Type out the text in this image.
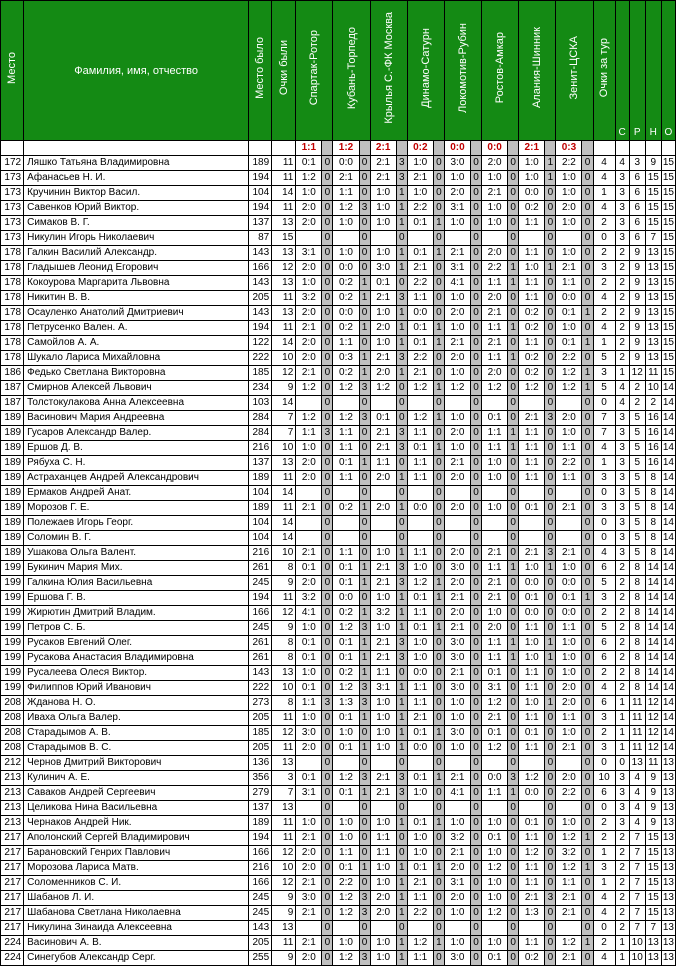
Место	Фамилия, имя, отчество	Место было	Очки были	Спартак-Ротор		Кубань-Торпедо		Крылья С.-ФК Москва		Динамо-Сатурн		Локомотив-Рубин		Ростов-Амкар		Алания-Шинник		Зенит-ЦСКА		Очки за тур	С	Р	Н	О
				1:1		1:2		2:1		0:2		0:0		0:0		2:1		0:3						
172	Ляшко Татьяна Владимировна	189	11	0:1	0	0:0	0	2:1	3	1:0	0	3:0	0	2:0	0	1:0	1	2:2	0	4	4	3	9	15
173	Афанасьев Н. И.	194	11	1:2	0	2:1	0	2:1	3	2:1	0	1:0	0	1:0	0	1:0	1	1:0	0	4	3	6	15	15
173	Кручинин Виктор Васил.	104	14	1:0	0	1:1	0	1:0	1	1:0	0	2:0	0	2:1	0	0:0	0	1:0	0	1	3	6	15	15
173	Савенков Юрий Виктор.	194	11	2:0	0	1:2	3	1:0	1	2:2	0	3:1	0	1:0	0	0:2	0	2:0	0	4	3	6	15	15
173	Симаков В. Г.	137	13	2:0	0	1:0	0	1:0	1	0:1	1	1:0	0	1:0	0	1:1	0	1:0	0	2	3	6	15	15
173	Никулин Игорь Николаевич	87	15		0		0		0		0		0		0		0		0	0	3	6	7	15
178	Галкин Василий Александр.	143	13	3:1	0	1:0	0	1:0	1	0:1	1	2:1	0	2:0	0	1:1	0	1:0	0	2	2	9	13	15
178	Гладышев Леонид Егорович	166	12	2:0	0	0:0	0	3:0	1	2:1	0	3:1	0	2:2	1	1:0	1	2:1	0	3	2	9	13	15
178	Кокоурова Маргарита Львовна	143	13	1:0	0	0:2	1	0:1	0	2:2	0	4:1	0	1:1	1	1:1	0	1:1	0	2	2	9	13	15
178	Никитин В. В.	205	11	3:2	0	0:2	1	2:1	3	1:1	0	1:0	0	2:0	0	1:1	0	0:0	0	4	2	9	13	15
178	Осауленко Анатолий Дмитриевич	143	13	2:0	0	0:0	0	1:0	1	0:0	0	2:0	0	2:1	0	0:2	0	0:1	1	2	2	9	13	15
178	Петрусенко Вален. А.	194	11	2:1	0	0:2	1	2:0	1	0:1	1	1:0	0	1:1	1	0:2	0	1:0	0	4	2	9	13	15
178	Самойлов А. А.	122	14	2:0	0	1:1	0	1:0	1	0:1	1	2:1	0	2:1	0	1:1	0	0:1	1	1	2	9	13	15
178	Шукало Лариса Михайловна	222	10	2:0	0	0:3	1	2:1	3	2:2	0	2:0	0	1:1	1	0:2	0	2:2	0	5	2	9	13	15
186	Федько Светлана Викторовна	185	12	2:1	0	0:2	1	2:0	1	2:1	0	1:0	0	2:0	0	0:2	0	1:2	1	3	1	12	11	15
187	Смирнов Алексей Львович	234	9	1:2	0	1:2	3	1:2	0	1:2	1	1:2	0	1:2	0	1:2	0	1:2	1	5	4	2	10	14
187	Толстокулакова Анна Алексеевна	103	14		0		0		0		0		0		0		0		0	0	4	2	2	14
189	Васинович Мария Андреевна	284	7	1:2	0	1:2	3	0:1	0	1:2	1	1:0	0	0:1	0	2:1	3	2:0	0	7	3	5	16	14
189	Гусаров Александр Валер.	284	7	1:1	3	1:1	0	2:1	3	1:1	0	2:0	0	1:1	1	1:1	0	1:0	0	7	3	5	16	14
189	Ершов Д. В.	216	10	1:0	0	1:1	0	2:1	3	0:1	1	1:0	0	1:1	1	1:1	0	1:1	0	4	3	5	16	14
189	Рябуха С. Н.	137	13	2:0	0	0:1	1	1:1	0	1:1	0	2:1	0	1:0	0	1:1	0	2:2	0	1	3	5	16	14
189	Астраханцев Андрей Александрович	189	11	2:0	0	1:1	0	2:0	1	1:1	0	2:0	0	1:0	0	1:1	0	1:1	0	3	3	5	8	14
189	Ермаков Андрей Анат.	104	14		0		0		0		0		0		0		0		0	0	3	5	8	14
189	Морозов Г. Е.	189	11	2:1	0	0:2	1	2:0	1	0:0	0	2:0	0	1:0	0	0:1	0	2:1	0	3	3	5	8	14
189	Полежаев Игорь Георг.	104	14		0		0		0		0		0		0		0		0	0	3	5	8	14
189	Соломин В. Г.	104	14		0		0		0		0		0		0		0		0	0	3	5	8	14
189	Ушакова Ольга Валент.	216	10	2:1	0	1:1	0	1:0	1	1:1	0	2:0	0	2:1	0	2:1	3	2:1	0	4	3	5	8	14
199	Букинич Мария Мих.	261	8	0:1	0	0:1	1	2:1	3	1:0	0	3:0	0	1:1	1	1:0	1	1:0	0	6	2	8	14	14
199	Галкина Юлия Васильевна	245	9	2:0	0	0:1	1	2:1	3	1:2	1	2:0	0	2:1	0	0:0	0	0:0	0	5	2	8	14	14
199	Ершова Г. В.	194	11	3:2	0	0:0	0	1:0	1	0:1	1	2:1	0	2:1	0	0:1	0	0:1	1	3	2	8	14	14
199	Жирютин Дмитрий Владим.	166	12	4:1	0	0:2	1	3:2	1	1:1	0	2:0	0	1:0	0	0:0	0	0:0	0	2	2	8	14	14
199	Петров С. Б.	245	9	1:0	0	1:2	3	1:0	1	0:1	1	2:1	0	2:0	0	1:1	0	1:1	0	5	2	8	14	14
199	Русаков Евгений Олег.	261	8	0:1	0	0:1	1	2:1	3	1:0	0	3:0	0	1:1	1	1:0	1	1:0	0	6	2	8	14	14
199	Русакова Анастасия Владимировна	261	8	0:1	0	0:1	1	2:1	3	1:0	0	3:0	0	1:1	1	1:0	1	1:0	0	6	2	8	14	14
199	Русалеева Олеся Виктор.	143	13	1:0	0	0:2	1	1:1	0	0:0	0	2:1	0	0:1	0	1:1	0	1:0	0	2	2	8	14	14
199	Филиппов Юрий Иванович	222	10	0:1	0	1:2	3	3:1	1	1:1	0	3:0	0	3:1	0	1:1	0	2:0	0	4	2	8	14	14
208	Жданова Н. О.	273	8	1:1	3	1:3	3	1:0	1	1:1	0	1:0	0	1:2	0	1:0	1	2:0	0	6	1	11	12	14
208	Иваха Ольга Валер.	205	11	1:0	0	0:1	1	1:0	1	2:1	0	1:0	0	2:1	0	1:1	0	1:1	0	3	1	11	12	14
208	Старадымов А. В.	185	12	3:0	0	1:0	0	1:0	1	0:1	1	3:0	0	0:1	0	0:1	0	1:0	0	2	1	11	12	14
208	Старадымов В. С.	205	11	2:0	0	0:1	1	1:0	1	0:0	0	1:0	0	1:2	0	1:1	0	2:1	0	3	1	11	12	14
212	Чернов Дмитрий Викторович	136	13		0		0		0		0		0		0		0		0	0	0	13	11	13
213	Кулинич А. Е.	356	3	0:1	0	1:2	3	2:1	3	0:1	1	2:1	0	0:0	3	1:2	0	2:0	0	10	3	4	9	13
213	Саваков Андрей Сергеевич	279	7	3:1	0	0:1	1	2:1	3	1:0	0	4:1	0	1:1	1	0:0	0	2:2	0	6	3	4	9	13
213	Целикова Нина Васильевна	137	13		0		0		0		0		0		0		0		0	0	3	4	9	13
213	Чернаков Андрей Ник.	189	11	1:0	0	1:0	0	1:0	1	0:1	1	1:0	0	1:0	0	0:1	0	1:0	0	2	3	4	9	13
217	Аполонский Сергей Владимирович	194	11	2:1	0	1:0	0	1:1	0	1:0	0	3:2	0	0:1	0	1:1	0	1:2	1	2	2	7	15	13
217	Барановский Генрих Павлович	166	12	2:0	0	1:1	0	1:1	0	1:0	0	2:1	0	1:0	0	1:2	0	3:2	0	1	2	7	15	13
217	Морозова Лариса Матв.	216	10	2:0	0	0:1	1	1:0	1	0:1	1	2:0	0	1:2	0	1:1	0	1:2	1	3	2	7	15	13
217	Соломенников С. И.	166	12	2:1	0	2:2	0	1:0	1	2:1	0	3:1	0	1:0	0	1:1	0	1:1	0	1	2	7	15	13
217	Шабанов Л. И.	245	9	3:0	0	1:2	3	2:0	1	1:1	0	2:0	0	1:0	0	2:1	3	2:1	0	4	2	7	15	13
217	Шабанова Светлана Николаевна	245	9	2:1	0	1:2	3	2:0	1	2:2	0	1:0	0	1:2	0	1:3	0	2:1	0	4	2	7	15	13
217	Никулина Зинаида Алексеевна	143	13		0		0		0		0		0		0		0		0	0	2	7	7	13
224	Васинович А. В.	205	11	2:1	0	1:0	0	1:0	1	1:2	1	1:0	0	1:0	0	1:1	0	1:2	1	2	1	10	13	13
224	Синегубов Александр Серг.	255	9	2:0	0	1:2	3	1:0	1	1:1	0	3:0	0	0:1	0	0:2	0	2:1	0	4	1	10	13	13
